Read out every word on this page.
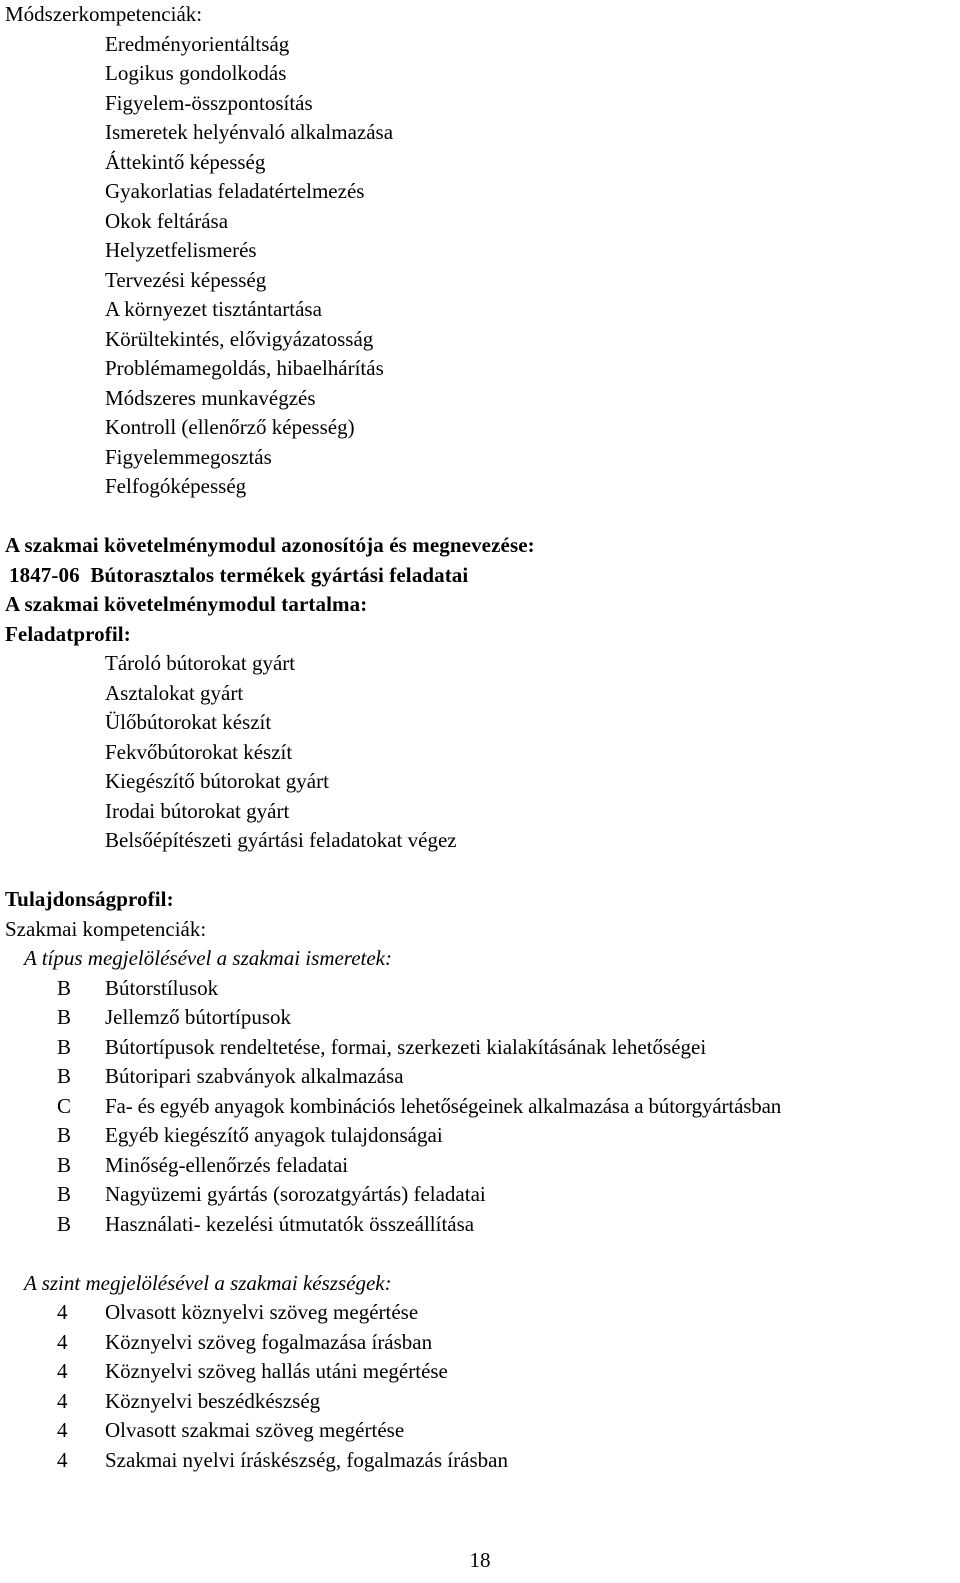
Módszerkompetenciák:
Eredményorientáltság
Logikus gondolkodás
Figyelem-összpontosítás
Ismeretek helyénvaló alkalmazása
Áttekintő képesség
Gyakorlatias feladatértelmezés
Okok feltárása
Helyzetfelismerés
Tervezési képesség
A környezet tisztántartása
Körültekintés, elővigyázatosság
Problémamegoldás, hibaelhárítás
Módszeres munkavégzés
Kontroll (ellenőrző képesség)
Figyelemmegosztás
Felfogóképesség
A szakmai követelménymodul azonosítója és megnevezése:
1847-06  Bútorasztalos termékek gyártási feladatai
A szakmai követelménymodul tartalma:
Feladatprofil:
Tároló bútorokat gyárt
Asztalokat gyárt
Ülőbútorokat készít
Fekvőbútorokat készít
Kiegészítő bútorokat gyárt
Irodai bútorokat gyárt
Belsőépítészeti gyártási feladatokat végez
Tulajdonságprofil:
Szakmai kompetenciák:
A típus megjelölésével a szakmai ismeretek:
B	Bútorstílusok
B	Jellemző bútortípusok
B	Bútortípusok rendeltetése, formai, szerkezeti kialakításának lehetőségei
B	Bútoripari szabványok alkalmazása
C	Fa- és egyéb anyagok kombinációs lehetőségeinek alkalmazása a bútorgyártásban
B	Egyéb kiegészítő anyagok tulajdonságai
B	Minőség-ellenőrzés feladatai
B	Nagyüzemi gyártás (sorozatgyártás) feladatai
B	Használati- kezelési útmutatók összeállítása
A szint megjelölésével a szakmai készségek:
4	Olvasott köznyelvi szöveg megértése
4	Köznyelvi szöveg fogalmazása írásban
4	Köznyelvi szöveg hallás utáni megértése
4	Köznyelvi beszédkészség
4	Olvasott szakmai szöveg megértése
4	Szakmai nyelvi íráskészség, fogalmazás írásban
18
